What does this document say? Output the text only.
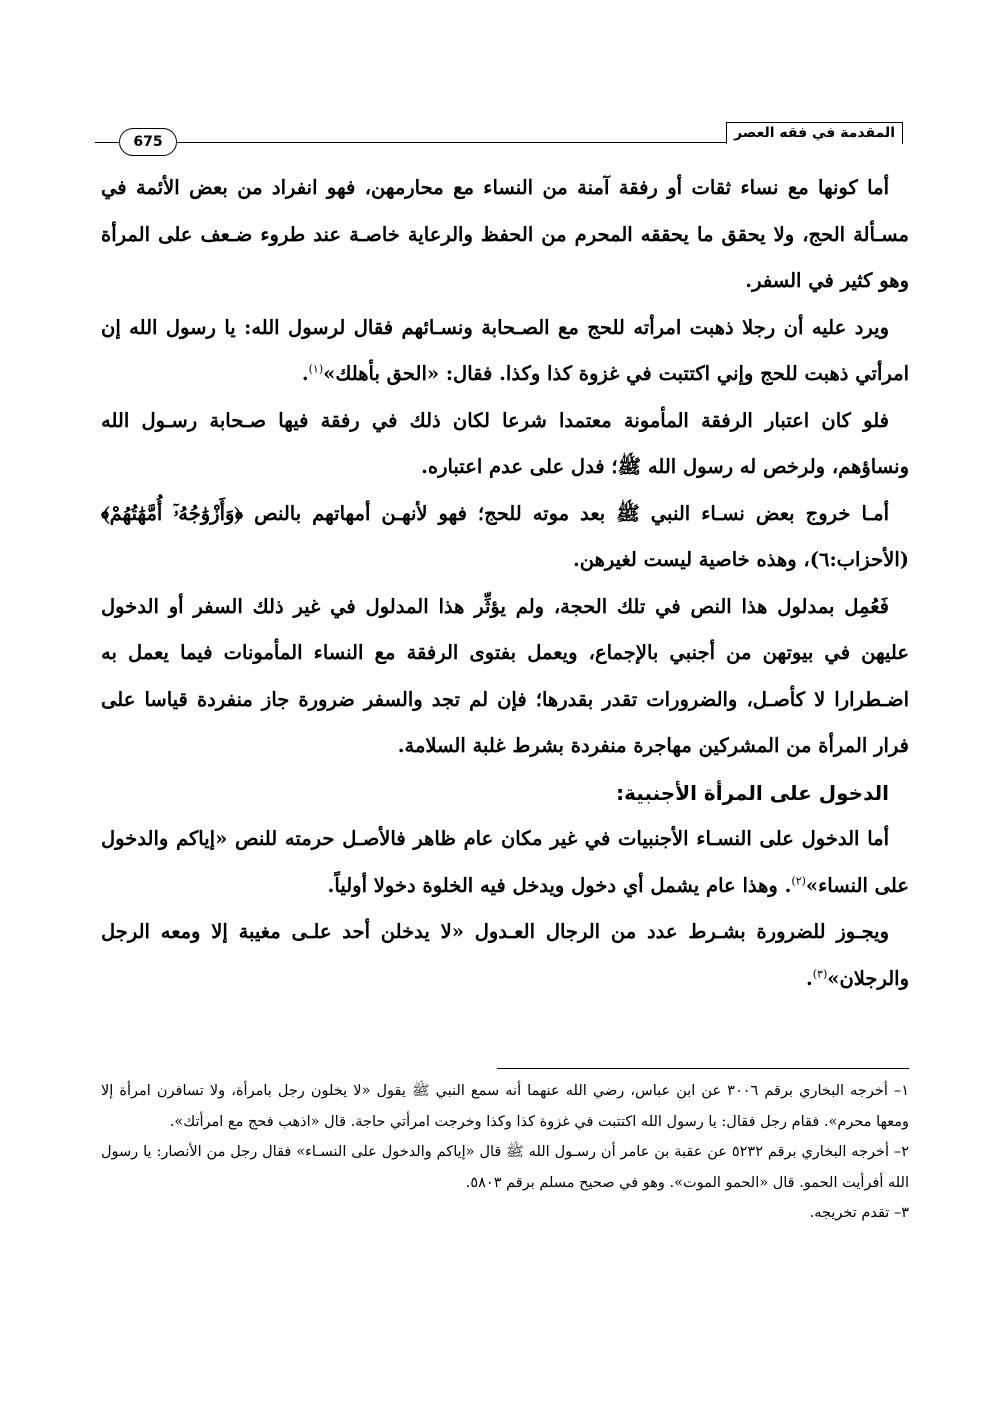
المقدمة في فقه العصر
675

أما كونها مع نساء ثقات أو رفقة آمنة من النساء مع محارمهن، فهو انفراد من بعض الأئمة في مسـألة الحج، ولا يحقق ما يحققه المحرم من الحفظ والرعاية خاصـة عند طروء ضـعف على المرأة وهو كثير في السفر.

ويرد عليه أن رجلا ذهبت امرأته للحج مع الصـحابة ونسـائهم فقال لرسول الله: يا رسول الله إن امرأتي ذهبت للحج وإني اكتتبت في غزوة كذا وكذا. فقال: «الحق بأهلك»$^{(١)}$.

فلو كان اعتبار الرفقة المأمونة معتمدا شرعا لكان ذلك في رفقة فيها صـحابة رسـول الله ونساؤهم، ولرخص له رسول الله ﷺ؛ فدل على عدم اعتباره.

أمـا خروج بعض نسـاء النبي ﷺ بعد موته للحج؛ فهو لأنهـن أمهاتهم بالنص ﴿وَأَزْوَٰجُهُۥٓ أُمَّهَٰتُهُمْ﴾ (الأحزاب:٦)، وهذه خاصية ليست لغيرهن.

فَعُمِل بمدلول هذا النص في تلك الحجة، ولم يؤثِّر هذا المدلول في غير ذلك السفر أو الدخول عليهن في بيوتهن من أجنبي بالإجماع، ويعمل بفتوى الرفقة مع النساء المأمونات فيما يعمل به اضـطرارا لا كأصـل، والضرورات تقدر بقدرها؛ فإن لم تجد والسفر ضرورة جاز منفردة قياسا على فرار المرأة من المشركين مهاجرة منفردة بشرط غلبة السلامة.

الدخول على المرأة الأجنبية:

أما الدخول على النسـاء الأجنبيات في غير مكان عام ظاهر فالأصـل حرمته للنص «إياكم والدخول على النساء»$^{(٢)}$. وهذا عام يشمل أي دخول ويدخل فيه الخلوة دخولا أولياً.

ويجـوز للضرورة بشـرط عدد من الرجال العـدول «لا يدخلن أحد علـى مغيبة إلا ومعه الرجل والرجلان»$^{(٣)}$.

١– أخرجه البخاري برقم ٣٠٠٦ عن ابن عباس، رضي الله عنهما أنه سمع النبي ﷺ يقول «لا يخلون رجل بامرأة، ولا تسافرن امرأة إلا ومعها محرم». فقام رجل فقال: يا رسول الله اكتتبت في غزوة كذا وكذا وخرجت امرأتي حاجة. قال «اذهب فحج مع امرأتك».

٢– أخرجه البخاري برقم ٥٢٣٢ عن عقبة بن عامر أن رسـول الله ﷺ قال «إياكم والدخول على النسـاء» فقال رجل من الأنصار: يا رسول الله أفرأيت الحمو. قال «الحمو الموت». وهو في صحيح مسلم برقم ٥٨٠٣.

٣– تقدم تخريجه.
